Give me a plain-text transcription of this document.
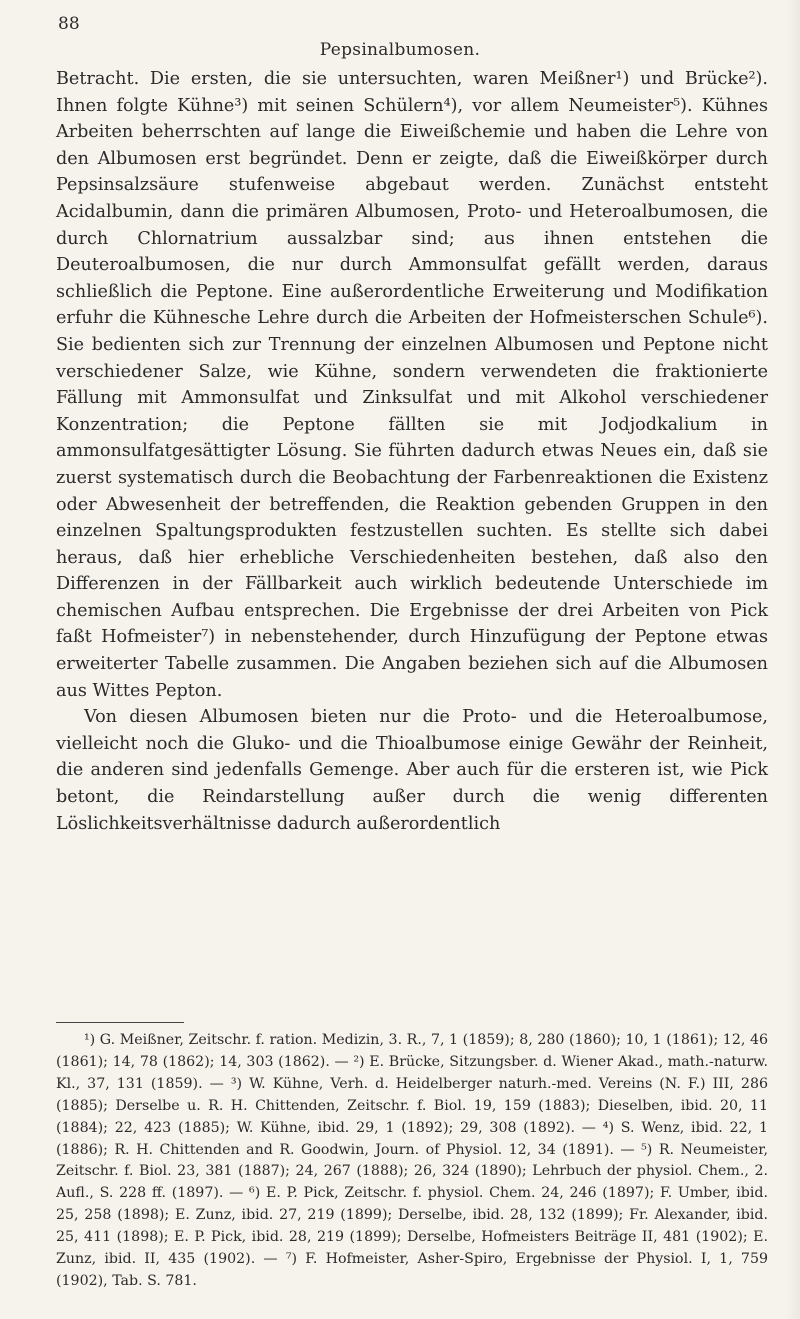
88
Pepsinalbumosen.

Betracht. Die ersten, die sie untersuchten, waren Meißner¹) und Brücke²). Ihnen folgte Kühne³) mit seinen Schülern⁴), vor allem Neumeister⁵). Kühnes Arbeiten beherrschten auf lange die Eiweißchemie und haben die Lehre von den Albumosen erst begründet. Denn er zeigte, daß die Eiweißkörper durch Pepsinsalzsäure stufenweise abgebaut werden. Zunächst entsteht Acidalbumin, dann die primären Albumosen, Proto- und Heteroalbumosen, die durch Chlornatrium aussalzbar sind; aus ihnen entstehen die Deuteroalbumosen, die nur durch Ammonsulfat gefällt werden, daraus schließlich die Peptone. Eine außerordentliche Erweiterung und Modifikation erfuhr die Kühnesche Lehre durch die Arbeiten der Hofmeisterschen Schule⁶). Sie bedienten sich zur Trennung der einzelnen Albumosen und Peptone nicht verschiedener Salze, wie Kühne, sondern verwendeten die fraktionierte Fällung mit Ammonsulfat und Zinksulfat und mit Alkohol verschiedener Konzentration; die Peptone fällten sie mit Jodjodkalium in ammonsulfatgesättigter Lösung. Sie führten dadurch etwas Neues ein, daß sie zuerst systematisch durch die Beobachtung der Farbenreaktionen die Existenz oder Abwesenheit der betreffenden, die Reaktion gebenden Gruppen in den einzelnen Spaltungsprodukten festzustellen suchten. Es stellte sich dabei heraus, daß hier erhebliche Verschiedenheiten bestehen, daß also den Differenzen in der Fällbarkeit auch wirklich bedeutende Unterschiede im chemischen Aufbau entsprechen. Die Ergebnisse der drei Arbeiten von Pick faßt Hofmeister⁷) in nebenstehender, durch Hinzufügung der Peptone etwas erweiterter Tabelle zusammen. Die Angaben beziehen sich auf die Albumosen aus Wittes Pepton.

Von diesen Albumosen bieten nur die Proto- und die Heteroalbumose, vielleicht noch die Gluko- und die Thioalbumose einige Gewähr der Reinheit, die anderen sind jedenfalls Gemenge. Aber auch für die ersteren ist, wie Pick betont, die Reindarstellung außer durch die wenig differenten Löslichkeitsverhältnisse dadurch außerordentlich

¹) G. Meißner, Zeitschr. f. ration. Medizin, 3. R., 7, 1 (1859); 8, 280 (1860); 10, 1 (1861); 12, 46 (1861); 14, 78 (1862); 14, 303 (1862). — ²) E. Brücke, Sitzungsber. d. Wiener Akad., math.-naturw. Kl., 37, 131 (1859). — ³) W. Kühne, Verh. d. Heidelberger naturh.-med. Vereins (N. F.) III, 286 (1885); Derselbe u. R. H. Chittenden, Zeitschr. f. Biol. 19, 159 (1883); Dieselben, ibid. 20, 11 (1884); 22, 423 (1885); W. Kühne, ibid. 29, 1 (1892); 29, 308 (1892). — ⁴) S. Wenz, ibid. 22, 1 (1886); R. H. Chittenden and R. Goodwin, Journ. of Physiol. 12, 34 (1891). — ⁵) R. Neumeister, Zeitschr. f. Biol. 23, 381 (1887); 24, 267 (1888); 26, 324 (1890); Lehrbuch der physiol. Chem., 2. Aufl., S. 228 ff. (1897). — ⁶) E. P. Pick, Zeitschr. f. physiol. Chem. 24, 246 (1897); F. Umber, ibid. 25, 258 (1898); E. Zunz, ibid. 27, 219 (1899); Derselbe, ibid. 28, 132 (1899); Fr. Alexander, ibid. 25, 411 (1898); E. P. Pick, ibid. 28, 219 (1899); Derselbe, Hofmeisters Beiträge II, 481 (1902); E. Zunz, ibid. II, 435 (1902). — ⁷) F. Hofmeister, Asher-Spiro, Ergebnisse der Physiol. I, 1, 759 (1902), Tab. S. 781.
